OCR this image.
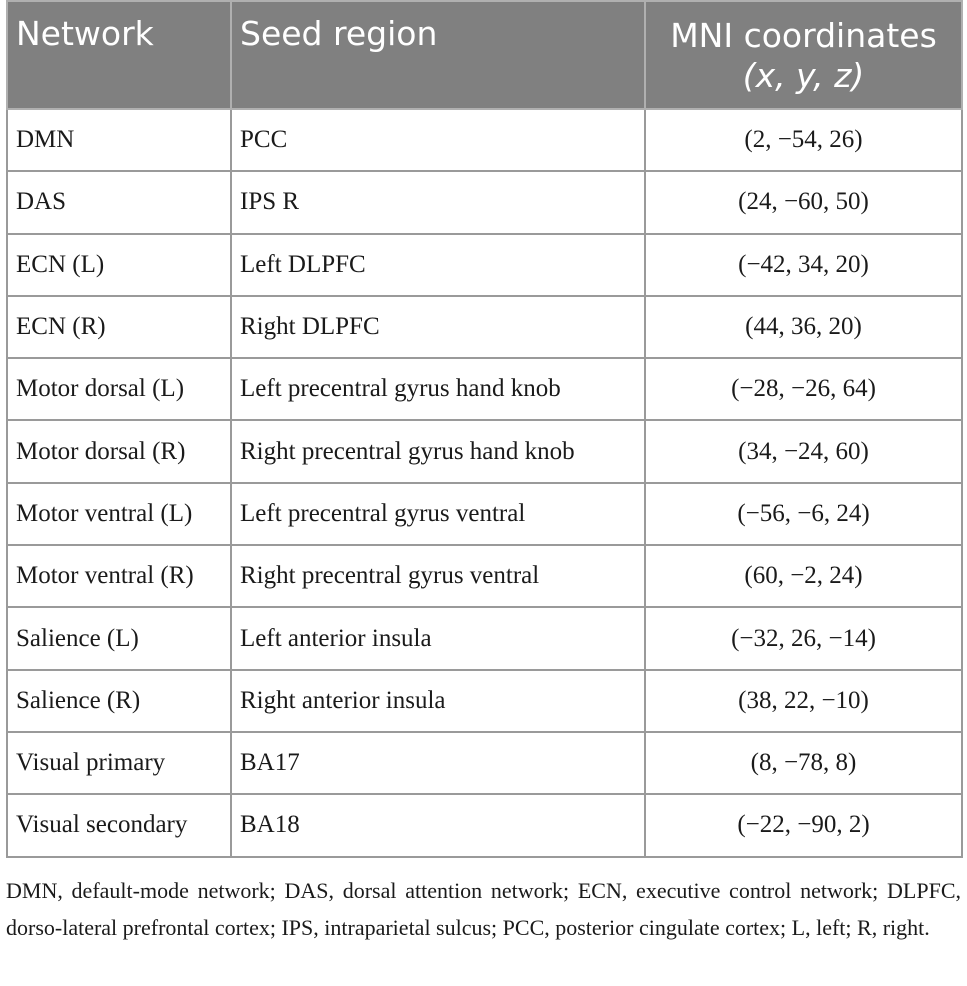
Network	Seed region	MNI coordinates
(x, y, z)

DMN	PCC	(2, −54, 26)
DAS	IPS R	(24, −60, 50)
ECN (L)	Left DLPFC	(−42, 34, 20)
ECN (R)	Right DLPFC	(44, 36, 20)
Motor dorsal (L)	Left precentral gyrus hand knob	(−28, −26, 64)
Motor dorsal (R)	Right precentral gyrus hand knob	(34, −24, 60)
Motor ventral (L)	Left precentral gyrus ventral	(−56, −6, 24)
Motor ventral (R)	Right precentral gyrus ventral	(60, −2, 24)
Salience (L)	Left anterior insula	(−32, 26, −14)
Salience (R)	Right anterior insula	(38, 22, −10)
Visual primary	BA17	(8, −78, 8)
Visual secondary	BA18	(−22, −90, 2)

DMN, default-mode network; DAS, dorsal attention network; ECN, executive control network; DLPFC, dorso-lateral prefrontal cortex; IPS, intraparietal sulcus; PCC, posterior cingulate cortex; L, left; R, right.
